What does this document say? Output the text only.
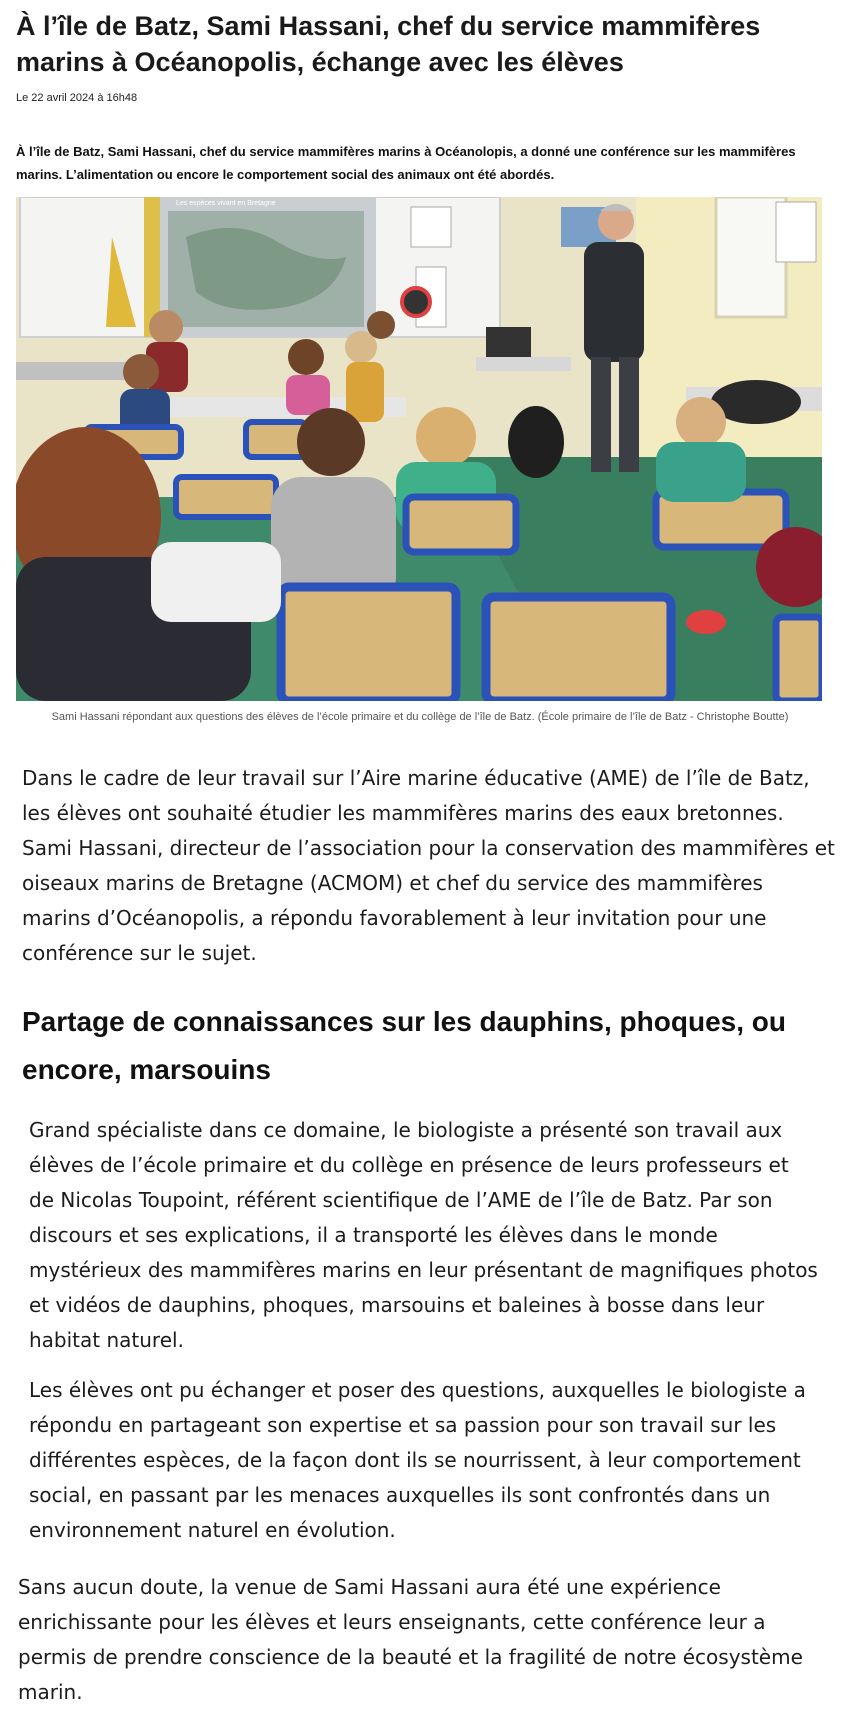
À l’île de Batz, Sami Hassani, chef du service mammifères marins à Océanopolis, échange avec les élèves
Le 22 avril 2024 à 16h48

À l’île de Batz, Sami Hassani, chef du service mammifères marins à Océanolopis, a donné une conférence sur les mammifères marins. L’alimentation ou encore le comportement social des animaux ont été abordés.

Les espèces vivant en Bretagne

Sami Hassani répondant aux questions des élèves de l’école primaire et du collège de l’île de Batz. (École primaire de l’île de Batz - Christophe Boutte)

Dans le cadre de leur travail sur l’Aire marine éducative (AME) de l’île de Batz, les élèves ont souhaité étudier les mammifères marins des eaux bretonnes. Sami Hassani, directeur de l’association pour la conservation des mammifères et oiseaux marins de Bretagne (ACMOM) et chef du service des mammifères marins d’Océanopolis, a répondu favorablement à leur invitation pour une conférence sur le sujet.

Partage de connaissances sur les dauphins, phoques, ou encore, marsouins

Grand spécialiste dans ce domaine, le biologiste a présenté son travail aux élèves de l’école primaire et du collège en présence de leurs professeurs et de Nicolas Toupoint, référent scientifique de l’AME de l’île de Batz. Par son discours et ses explications, il a transporté les élèves dans le monde mystérieux des mammifères marins en leur présentant de magnifiques photos et vidéos de dauphins, phoques, marsouins et baleines à bosse dans leur habitat naturel.

Les élèves ont pu échanger et poser des questions, auxquelles le biologiste a répondu en partageant son expertise et sa passion pour son travail sur les différentes espèces, de la façon dont ils se nourrissent, à leur comportement social, en passant par les menaces auxquelles ils sont confrontés dans un environnement naturel en évolution.

Sans aucun doute, la venue de Sami Hassani aura été une expérience enrichissante pour les élèves et leurs enseignants, cette conférence leur a permis de prendre conscience de la beauté et la fragilité de notre écosystème marin.
